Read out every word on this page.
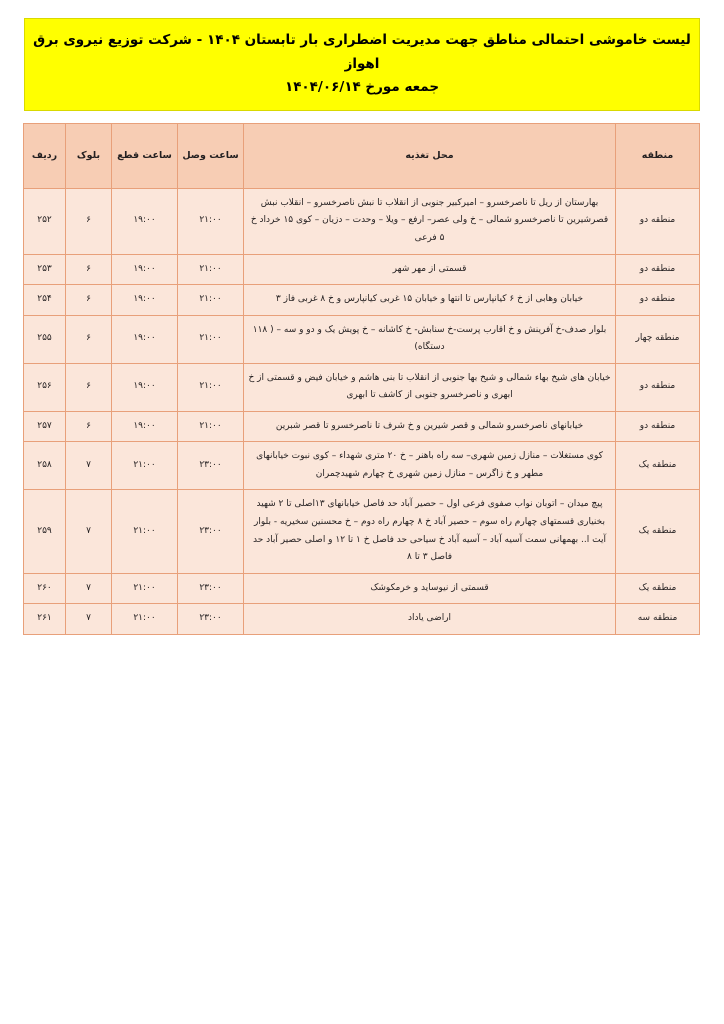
لیست خاموشی احتمالی مناطق جهت مدیریت اضطراری بار تابستان ۱۴۰۴ - شرکت توزیع نیروی برق اهواز
جمعه مورخ ۱۴۰۴/۰۶/۱۴
منطقه	محل تغذیه	ساعت وصل	ساعت قطع	بلوک	ردیف
منطقه دو	بهارستان از ریل تا ناصرخسرو – امیرکبیر جنوبی از انقلاب تا نبش ناصرخسرو – انقلاب نبش قصرشیرین تا ناصرخسرو شمالی – خ ولی عصر– ارفع – ویلا – وحدت – دزیان – کوی ۱۵ خرداد خ ۵ فرعی	۲۱:۰۰	۱۹:۰۰	۶	۲۵۲
منطقه دو	قسمتی از مهر شهر	۲۱:۰۰	۱۹:۰۰	۶	۲۵۳
منطقه دو	خیابان وهابی از خ ۶ کیانپارس تا انتها و خیابان ۱۵ غربی کیانپارس و خ ۸ غربی فاز ۳	۲۱:۰۰	۱۹:۰۰	۶	۲۵۴
منطقه چهار	بلوار صدف-خ آفرینش و خ اقارب پرست-خ سنابش- خ کاشانه – خ پویش یک و دو و سه – ( ۱۱۸ دستگاه)	۲۱:۰۰	۱۹:۰۰	۶	۲۵۵
منطقه دو	خیابان های شیخ بهاء شمالی و شیخ بها جنوبی از انقلاب تا بنی هاشم و خیابان فیض و قسمتی از خ ابهری و ناصرخسرو جنوبی از کاشف تا ابهری	۲۱:۰۰	۱۹:۰۰	۶	۲۵۶
منطقه دو	خیابانهای ناصرخسرو شمالی و قصر شیرین و خ شرف تا ناصرخسرو تا قصر شبرین	۲۱:۰۰	۱۹:۰۰	۶	۲۵۷
منطقه یک	کوی مستغلات – منازل زمین شهری– سه راه باهنر – خ ۲۰ متری شهداء – کوی نبوت خیابانهای مطهر و خ زاگرس – منازل زمین شهری خ چهارم شهیدچمران	۲۳:۰۰	۲۱:۰۰	۷	۲۵۸
منطقه یک	پیچ میدان – اتوبان نواب صفوی فرعی اول – حصیر آباد حد فاصل خیابانهای ۱۳اصلی تا ۲ شهید بخنیاری قسمتهای چهارم راه سوم – حصیر آباد خ ۸ چهارم راه دوم – خ محسنین سخیریه - بلوار آیت ا.. بهمهانی سمت آسیه آباد – آسیه آباد خ سیاحی حد فاصل خ ۱ تا ۱۲ و اصلی حصیر آباد حد فاصل ۳ تا ۸	۲۳:۰۰	۲۱:۰۰	۷	۲۵۹
منطقه یک	قسمتی از نیوساید و خرمکوشک	۲۳:۰۰	۲۱:۰۰	۷	۲۶۰
منطقه سه	اراضی یاداد	۲۳:۰۰	۲۱:۰۰	۷	۲۶۱
